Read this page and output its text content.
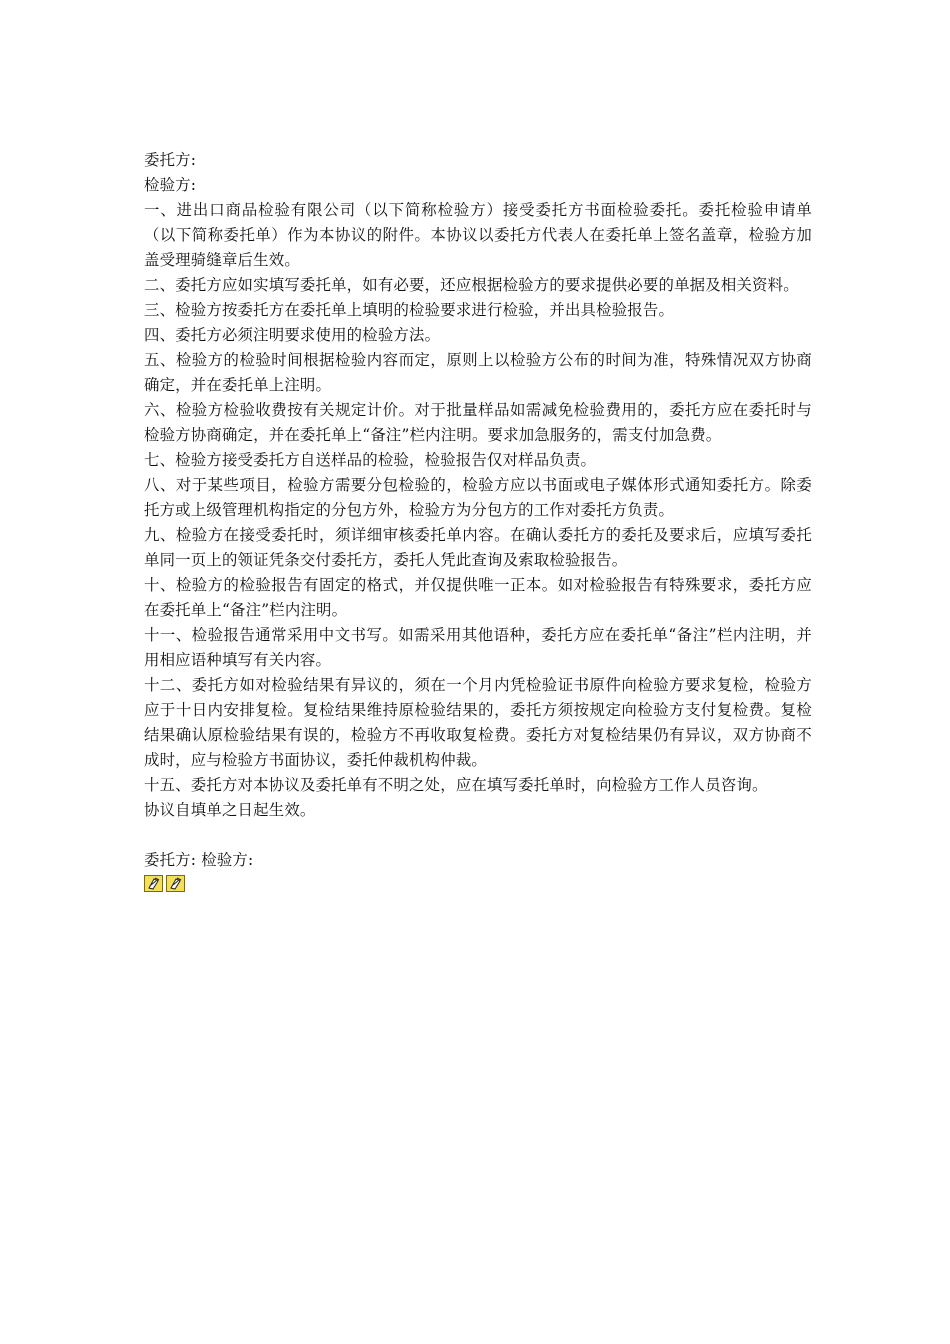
委托方:
检验方:
一、进出口商品检验有限公司（以下简称检验方）接受委托方书面检验委托。委托检验申请单（以下简称委托单）作为本协议的附件。本协议以委托方代表人在委托单上签名盖章，检验方加盖受理骑缝章后生效。
二、委托方应如实填写委托单，如有必要，还应根据检验方的要求提供必要的单据及相关资料。
三、检验方按委托方在委托单上填明的检验要求进行检验，并出具检验报告。
四、委托方必须注明要求使用的检验方法。
五、检验方的检验时间根据检验内容而定，原则上以检验方公布的时间为准，特殊情况双方协商确定，并在委托单上注明。
六、检验方检验收费按有关规定计价。对于批量样品如需减免检验费用的，委托方应在委托时与检验方协商确定，并在委托单上“备注”栏内注明。要求加急服务的，需支付加急费。
七、检验方接受委托方自送样品的检验，检验报告仅对样品负责。
八、对于某些项目，检验方需要分包检验的，检验方应以书面或电子媒体形式通知委托方。除委托方或上级管理机构指定的分包方外，检验方为分包方的工作对委托方负责。
九、检验方在接受委托时，须详细审核委托单内容。在确认委托方的委托及要求后，应填写委托单同一页上的领证凭条交付委托方，委托人凭此查询及索取检验报告。
十、检验方的检验报告有固定的格式，并仅提供唯一正本。如对检验报告有特殊要求，委托方应在委托单上“备注”栏内注明。
十一、检验报告通常采用中文书写。如需采用其他语种，委托方应在委托单“备注”栏内注明，并用相应语种填写有关内容。
十二、委托方如对检验结果有异议的，须在一个月内凭检验证书原件向检验方要求复检，检验方应于十日内安排复检。复检结果维持原检验结果的，委托方须按规定向检验方支付复检费。复检结果确认原检验结果有误的，检验方不再收取复检费。委托方对复检结果仍有异议，双方协商不成时，应与检验方书面协议，委托仲裁机构仲裁。
十五、委托方对本协议及委托单有不明之处，应在填写委托单时，向检验方工作人员咨询。
协议自填单之日起生效。
委托方: 检验方:
